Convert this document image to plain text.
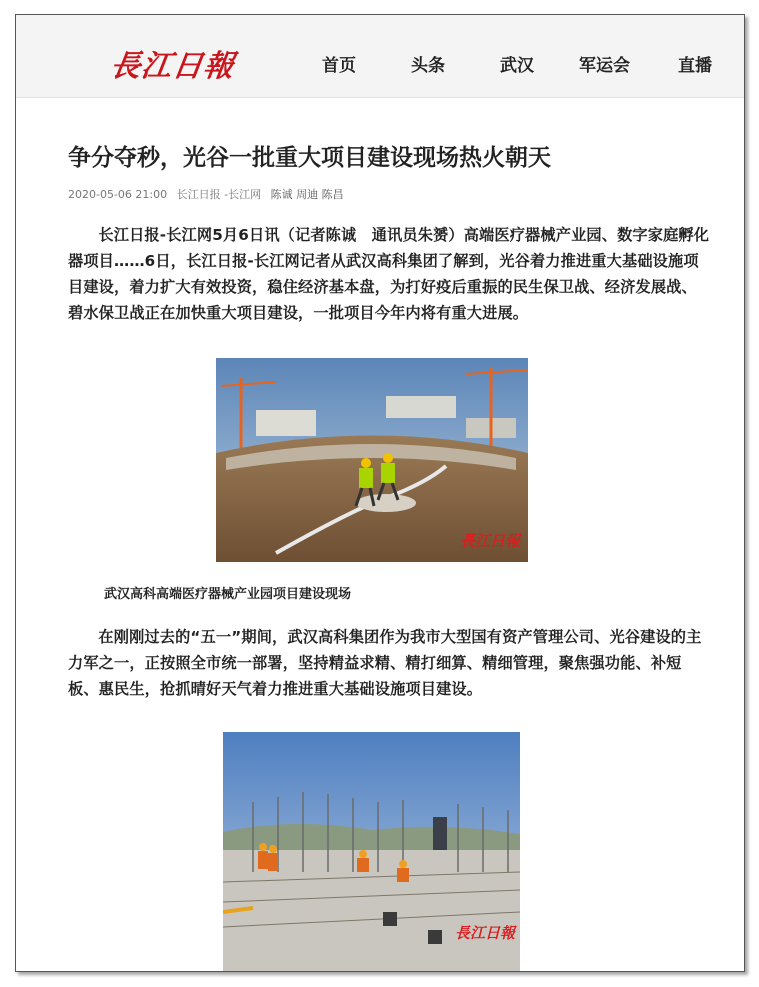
長江日報	首页	头条	武汉	军运会	直播
争分夺秒，光谷一批重大项目建设现场热火朝天
2020-05-06 21:00 长江日报 -长江网 陈诚 周迪 陈昌

长江日报-长江网5月6日讯（记者陈诚　通讯员朱赟）高端医疗器械产业园、数字家庭孵化器项目……6日，长江日报-长江网记者从武汉高科集团了解到，光谷着力推进重大基础设施项目建设，着力扩大有效投资，稳住经济基本盘，为打好疫后重振的民生保卫战、经济发展战、碧水保卫战正在加快重大项目建设，一批项目今年内将有重大进展。

長江日報
武汉高科高端医疗器械产业园项目建设现场

在刚刚过去的“五一”期间，武汉高科集团作为我市大型国有资产管理公司、光谷建设的主力军之一，正按照全市统一部署，坚持精益求精、精打细算、精细管理，聚焦强功能、补短板、惠民生，抢抓晴好天气着力推进重大基础设施项目建设。

長江日報
